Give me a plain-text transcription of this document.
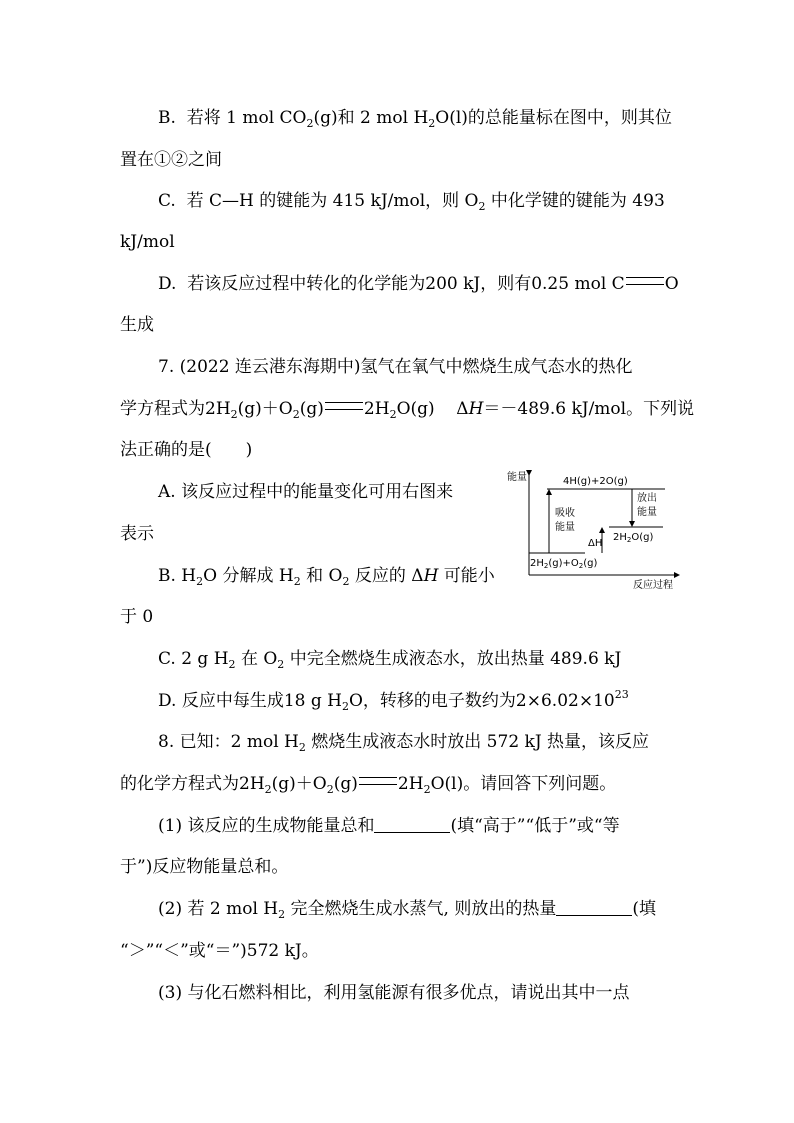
B. 若将 1 mol $CO_2(g)$和 2 mol $H_2O(l)$的总能量标在图中，则其位
置在①②之间
C. 若 C—H 的键能为 415 kJ/mol，则 $O_2$ 中化学键的键能为 493
kJ/mol
D. 若该反应过程中转化的化学能为200 kJ，则有0.25 mol C O
生成
7. (2022 连云港东海期中)氢气在氧气中燃烧生成气态水的热化
学方程式为$2H_2(g)+O_2(g)$ $2H_2O(g)$ ΔH＝－489.6 kJ/mol。下列说
法正确的是(　　)
A. 该反应过程中的能量变化可用右图来
表示
B. $H_2O$ 分解成 $H_2$ 和 $O_2$ 反应的 ΔH 可能小
于 0
C. 2 g $H_2$ 在 $O_2$ 中完全燃烧生成液态水，放出热量 489.6 kJ
D. 反应中每生成18 g $H_2O$，转移的电子数约为$2\times 6.02\times 10^{23}$
能量
反应过程
4H(g)+2O(g)
$2H_2(g)+O_2(g)$
$2H_2O(g)$
吸收
能量
放出
能量
ΔH
8. 已知：2 mol $H_2$ 燃烧生成液态水时放出 572 kJ 热量，该反应
的化学方程式为$2H_2(g)+O_2(g)$ $2H_2O(l)$。请回答下列问题。
(1) 该反应的生成物能量总和	(填“高于”“低于”或“等
于”)反应物能量总和。
(2) 若 2 mol $H_2$ 完全燃烧生成水蒸气, 则放出的热量	(填
“＞”“＜”或“＝”)572 kJ。
(3) 与化石燃料相比，利用氢能源有很多优点，请说出其中一点
